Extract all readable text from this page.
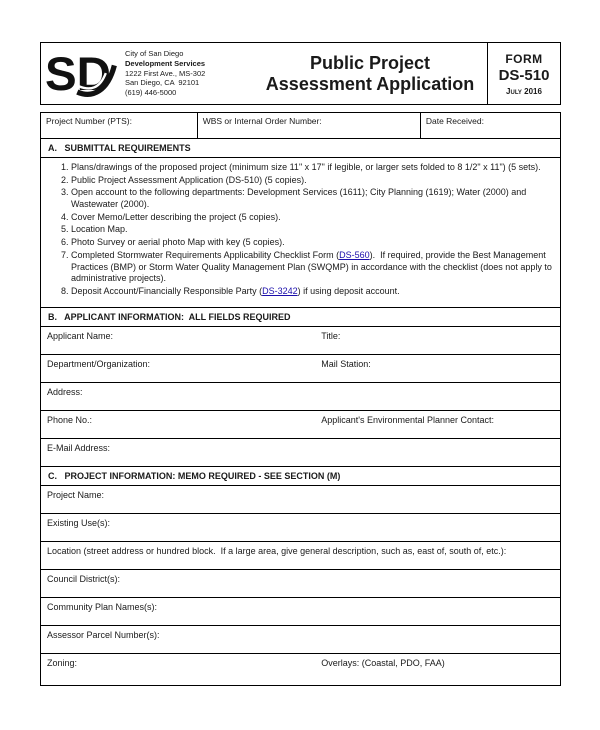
SD City of San Diego
Development Services
1222 First Ave., MS-302
San Diego, CA  92101
(619) 446-5000
Public Project
Assessment Application
FORM
DS-510
July 2016
Project Number (PTS):	WBS or Internal Order Number:	Date Received:
A.   SUBMITTAL REQUIREMENTS
1. Plans/drawings of the proposed project (minimum size 11" x 17" if legible, or larger sets folded to 8 1/2" x 11") (5 sets).
2. Public Project Assessment Application (DS-510) (5 copies).
3. Open account to the following departments: Development Services (1611); City Planning (1619); Water (2000) and Wastewater (2000).
4. Cover Memo/Letter describing the project (5 copies).
5. Location Map.
6. Photo Survey or aerial photo Map with key (5 copies).
7. Completed Stormwater Requirements Applicability Checklist Form (DS-560).  If required, provide the Best Management Practices (BMP) or Storm Water Quality Management Plan (SWQMP) in accordance with the checklist (does not apply to administrative projects).
8. Deposit Account/Financially Responsible Party (DS-3242) if using deposit account.
B.   APPLICANT INFORMATION:  ALL FIELDS REQUIRED
Applicant Name:	Title:
Department/Organization:	Mail Station:
Address:
Phone No.:	Applicant's Environmental Planner Contact:
E-Mail Address:
C.   PROJECT INFORMATION: MEMO REQUIRED - SEE SECTION (M)
Project Name:
Existing Use(s):
Location (street address or hundred block.  If a large area, give general description, such as, east of, south of, etc.):
Council District(s):
Community Plan Names(s):
Assessor Parcel Number(s):
Zoning:	Overlays: (Coastal, PDO, FAA)
